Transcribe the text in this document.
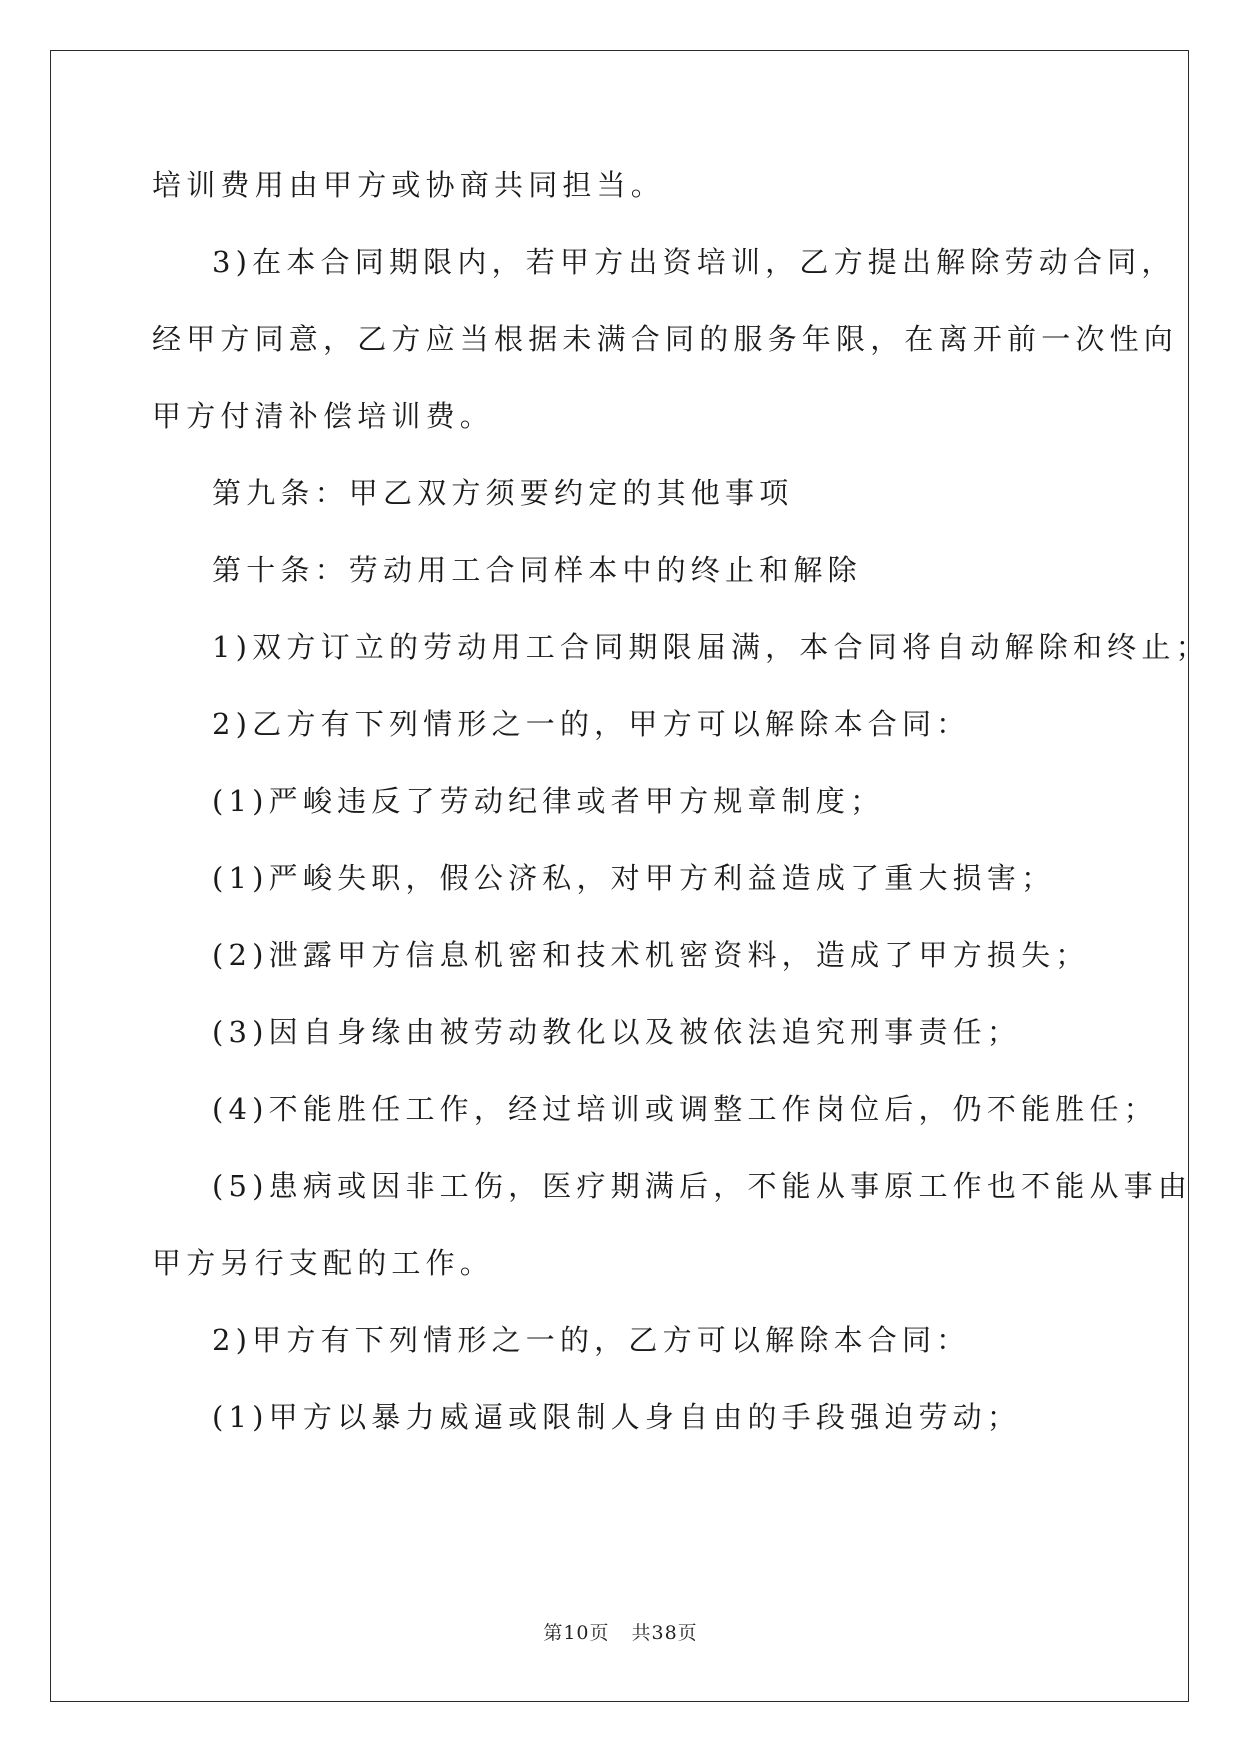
培训费用由甲方或协商共同担当。
3)在本合同期限内，若甲方出资培训，乙方提出解除劳动合同，
经甲方同意，乙方应当根据未满合同的服务年限，在离开前一次性向
甲方付清补偿培训费。
第九条：甲乙双方须要约定的其他事项
第十条：劳动用工合同样本中的终止和解除
1)双方订立的劳动用工合同期限届满，本合同将自动解除和终止；
2)乙方有下列情形之一的，甲方可以解除本合同：
(1)严峻违反了劳动纪律或者甲方规章制度；
(1)严峻失职，假公济私，对甲方利益造成了重大损害；
(2)泄露甲方信息机密和技术机密资料，造成了甲方损失；
(3)因自身缘由被劳动教化以及被依法追究刑事责任；
(4)不能胜任工作，经过培训或调整工作岗位后，仍不能胜任；
(5)患病或因非工伤，医疗期满后，不能从事原工作也不能从事由
甲方另行支配的工作。
2)甲方有下列情形之一的，乙方可以解除本合同：
(1)甲方以暴力威逼或限制人身自由的手段强迫劳动；
第10页 共38页
